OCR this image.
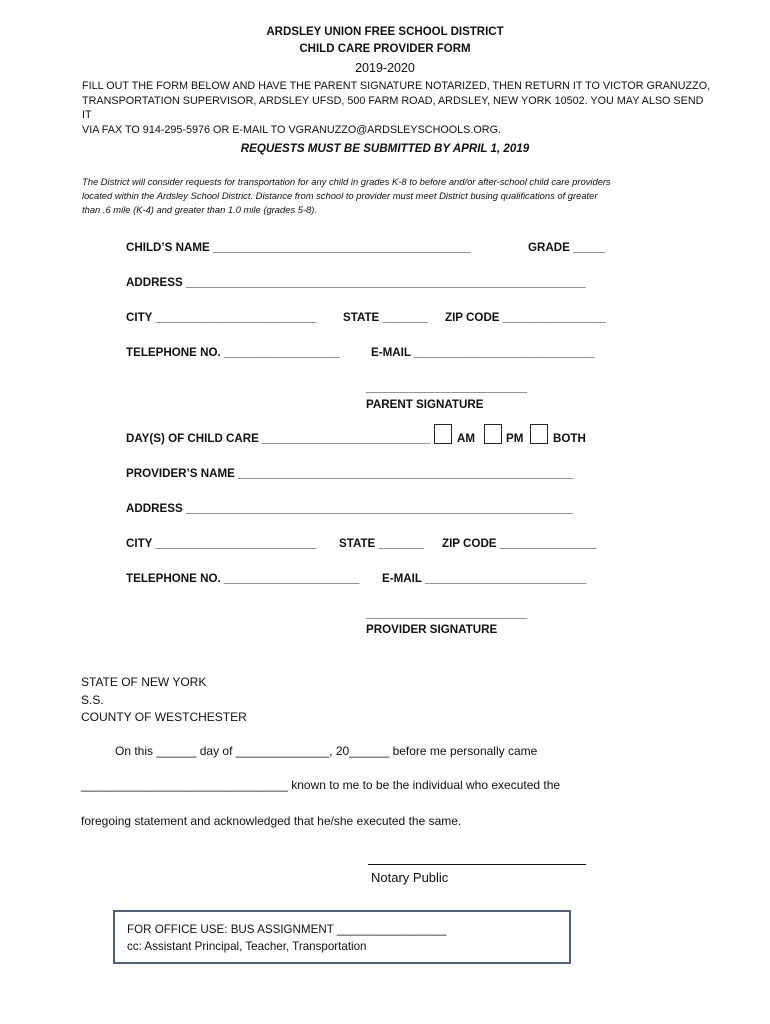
ARDSLEY UNION FREE SCHOOL DISTRICT
CHILD CARE PROVIDER FORM
2019-2020
FILL OUT THE FORM BELOW AND HAVE THE PARENT SIGNATURE NOTARIZED, THEN RETURN IT TO VICTOR GRANUZZO,
TRANSPORTATION SUPERVISOR, ARDSLEY UFSD, 500 FARM ROAD, ARDSLEY, NEW YORK 10502. YOU MAY ALSO SEND IT
VIA FAX TO 914-295-5976 OR E-MAIL TO VGRANUZZO@ARDSLEYSCHOOLS.ORG.
REQUESTS MUST BE SUBMITTED BY APRIL 1, 2019
The District will consider requests for transportation for any child in grades K-8 to before and/or after-school child care providers
located within the Ardsley School District. Distance from school to provider must meet District busing qualifications of greater
than .6 mile (K-4) and greater than 1.0 mile (grades 5-8).
CHILD’S NAME ________________________________________	GRADE _____
ADDRESS ______________________________________________________________
CITY _________________________ STATE _______ ZIP CODE ________________
TELEPHONE NO. __________________	E-MAIL ____________________________
_________________________
PARENT SIGNATURE
DAY(S) OF CHILD CARE __________________________ AM	PM	BOTH
PROVIDER’S NAME ____________________________________________________
ADDRESS ____________________________________________________________
CITY _________________________ STATE _______ ZIP CODE _______________
TELEPHONE NO. _____________________ E-MAIL _________________________
_________________________
PROVIDER SIGNATURE
STATE OF NEW YORK
S.S.
COUNTY OF WESTCHESTER
On this ______ day of ______________, 20______ before me personally came
_______________________________ known to me to be the individual who executed the
foregoing statement and acknowledged that he/she executed the same.
Notary Public
FOR OFFICE USE: BUS ASSIGNMENT _________________
cc: Assistant Principal, Teacher, Transportation
